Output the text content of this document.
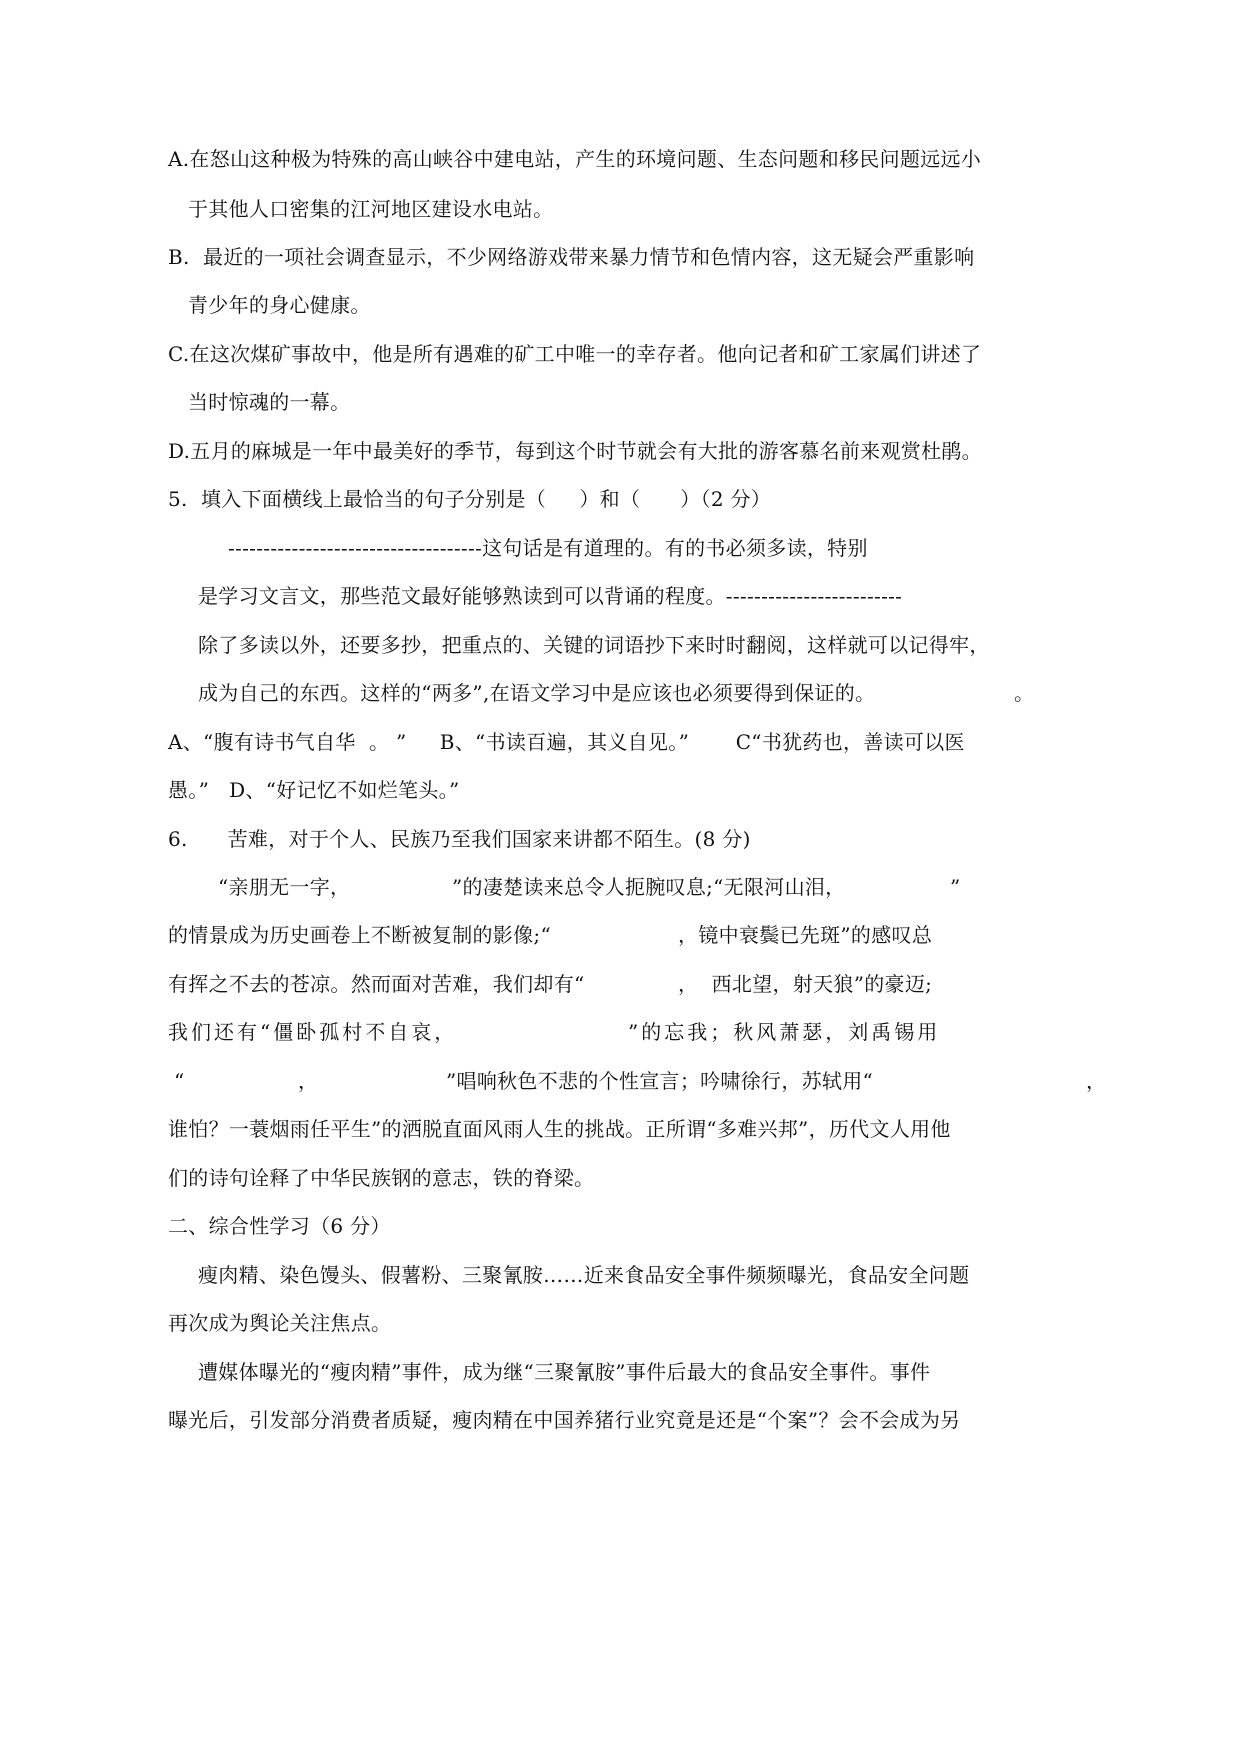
A.在怒山这种极为特殊的高山峡谷中建电站，产生的环境问题、生态问题和移民问题远远小
于其他人口密集的江河地区建设水电站。
B.  最近的一项社会调查显示，不少网络游戏带来暴力情节和色情内容，这无疑会严重影响
青少年的身心健康。
C.在这次煤矿事故中，他是所有遇难的矿工中唯一的幸存者。他向记者和矿工家属们讲述了
当时惊魂的一幕。
D.五月的麻城是一年中最美好的季节，每到这个时节就会有大批的游客慕名前来观赏杜鹃。
5.  填入下面横线上最恰当的句子分别是（     ）和（      ）（2 分）
------------------------------------这句话是有道理的。有的书必须多读，特别
是学习文言文，那些范文最好能够熟读到可以背诵的程度。-------------------------
除了多读以外，还要多抄，把重点的、关键的词语抄下来时时翻阅，这样就可以记得牢，
成为自己的东西。这样的“两多”,在语文学习中是应该也必须要得到保证的。	。
A、“腹有诗书气自华  。 ”     B、“书读百遍，其义自见。”       C“书犹药也，善读可以医
愚。”   D、“好记忆不如烂笔头。”
6.      苦难，对于个人、民族乃至我们国家来讲都不陌生。(8 分)
“亲朋无一字，	”的凄楚读来总令人扼腕叹息;“无限河山泪，	”
的情景成为历史画卷上不断被复制的影像;“	，镜中衰鬓已先斑”的感叹总
有挥之不去的苍凉。然而面对苦难，我们却有“	，  西北望，射天狼”的豪迈;
我们还有“僵卧孤村不自哀，	”的忘我；秋风萧瑟，刘禹锡用
“	，	”唱响秋色不悲的个性宣言；吟啸徐行，苏轼用“	，
谁怕？一蓑烟雨任平生”的洒脱直面风雨人生的挑战。正所谓“多难兴邦”，历代文人用他
们的诗句诠释了中华民族钢的意志，铁的脊梁。
二、综合性学习（6 分）
瘦肉精、染色馒头、假薯粉、三聚氰胺……近来食品安全事件频频曝光，食品安全问题
再次成为舆论关注焦点。
遭媒体曝光的“瘦肉精”事件，成为继“三聚氰胺”事件后最大的食品安全事件。事件
曝光后，引发部分消费者质疑，瘦肉精在中国养猪行业究竟是还是“个案”？会不会成为另
